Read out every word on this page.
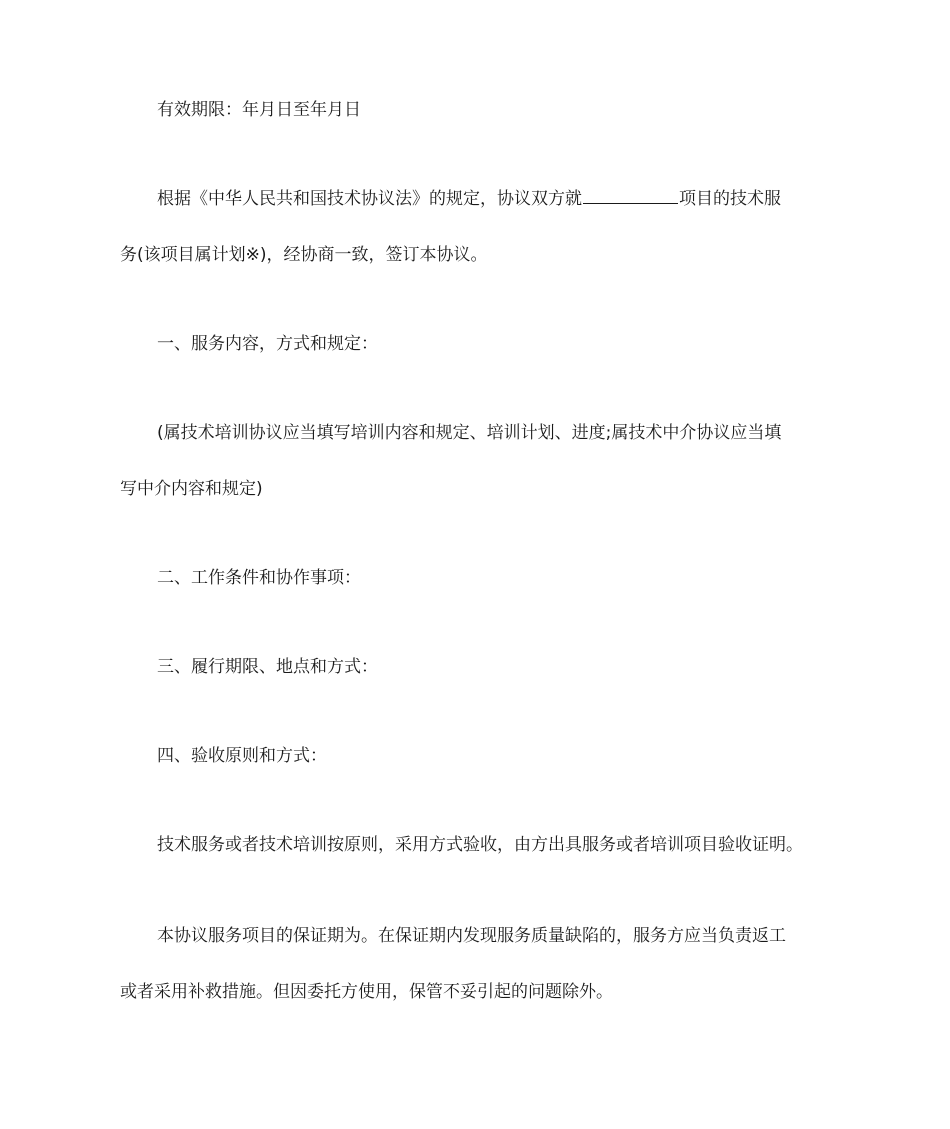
有效期限：年月日至年月日

根据《中华人民共和国技术协议法》的规定，协议双方就	项目的技术服

务(该项目属计划※)，经协商一致，签订本协议。

一、服务内容，方式和规定：

(属技术培训协议应当填写培训内容和规定、培训计划、进度;属技术中介协议应当填

写中介内容和规定)

二、工作条件和协作事项：

三、履行期限、地点和方式：

四、验收原则和方式：

技术服务或者技术培训按原则，采用方式验收，由方出具服务或者培训项目验收证明。

本协议服务项目的保证期为。在保证期内发现服务质量缺陷的，服务方应当负责返工

或者采用补救措施。但因委托方使用，保管不妥引起的问题除外。
